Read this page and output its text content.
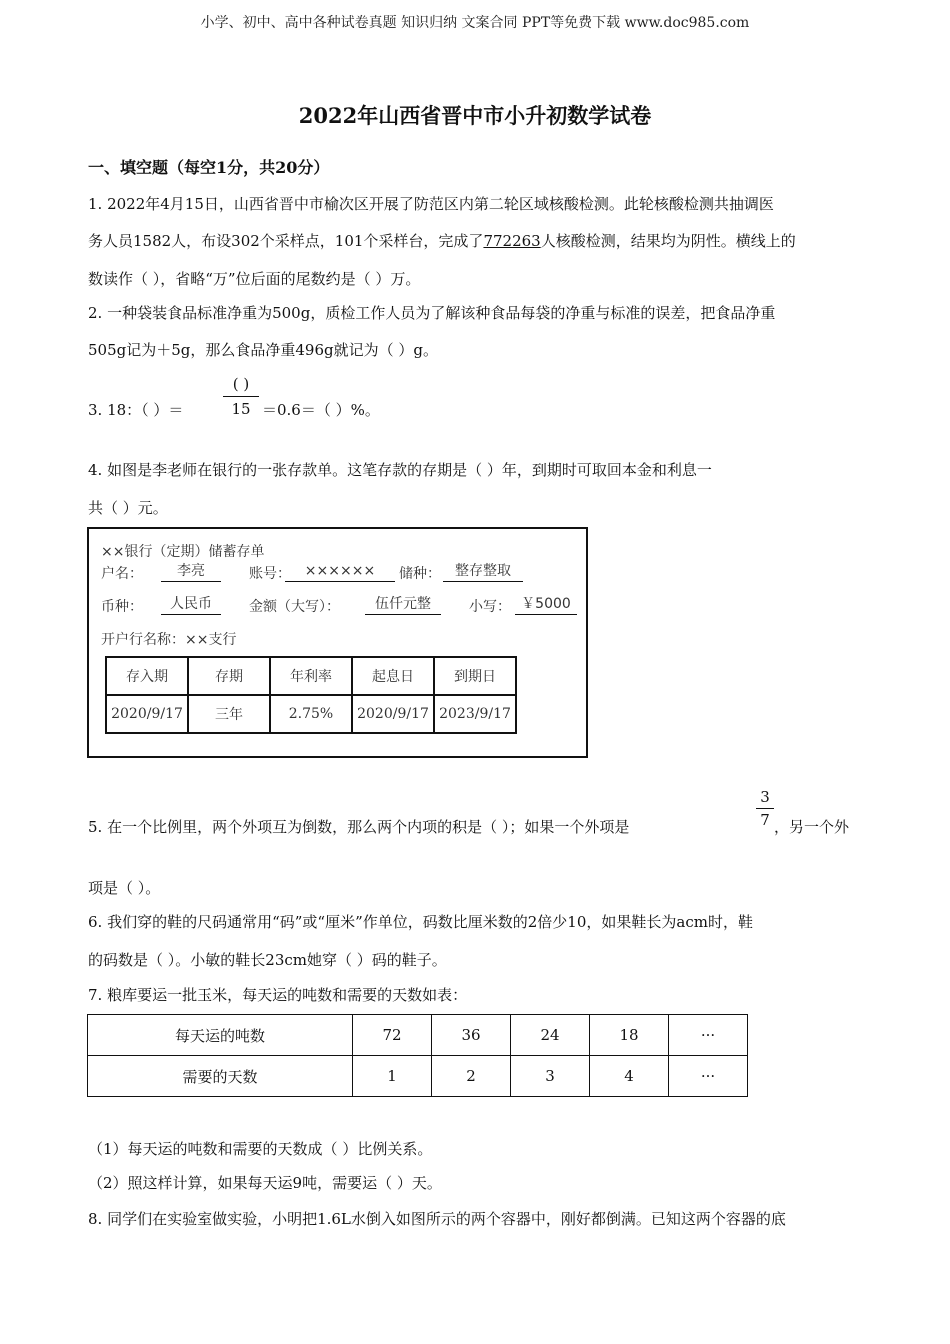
小学、初中、高中各种试卷真题 知识归纳 文案合同 PPT等免费下载 www.doc985.com
2022年山西省晋中市小升初数学试卷
一、填空题（每空1分，共20分）
1. 2022年4月15日，山西省晋中市榆次区开展了防范区内第二轮区域核酸检测。此轮核酸检测共抽调医
务人员1582人，布设302个采样点，101个采样台，完成了772263人核酸检测，结果均为阴性。横线上的
数读作（ ），省略“万”位后面的尾数约是（ ）万。
2. 一种袋装食品标准净重为500g，质检工作人员为了解该种食品每袋的净重与标准的误差，把食品净重
505g记为＋5g，那么食品净重496g就记为（ ）g。
3. 18：（ ）＝
( )
15 ＝0.6＝（ ）%。
4. 如图是李老师在银行的一张存款单。这笔存款的存期是（ ）年，到期时可取回本金和利息一
共（ ）元。
××银行（定期）储蓄存单
户名：	李亮	账号： ××××××	储种：	整存整取
币种：	人民币	金额（大写）：	伍仟元整	小写： ￥5000
开户行名称：××支行
存入期	存期	年利率	起息日	到期日
2020/9/17	三年	2.75%	2020/9/17	2023/9/17
5. 在一个比例里，两个外项互为倒数，那么两个内项的积是（ ）；如果一个外项是	$\frac{3}{7}$ ，另一个外
项是（ ）。
6. 我们穿的鞋的尺码通常用“码”或“厘米”作单位，码数比厘米数的2倍少10，如果鞋长为acm时，鞋
的码数是（ ）。小敏的鞋长23cm她穿（ ）码的鞋子。
7. 粮库要运一批玉米，每天运的吨数和需要的天数如表：
每天运的吨数	72	36	24	18	···
需要的天数	1	2	3	4	···
（1）每天运的吨数和需要的天数成（ ）比例关系。
（2）照这样计算，如果每天运9吨，需要运（ ）天。
8. 同学们在实验室做实验，小明把1.6L水倒入如图所示的两个容器中，刚好都倒满。已知这两个容器的底
